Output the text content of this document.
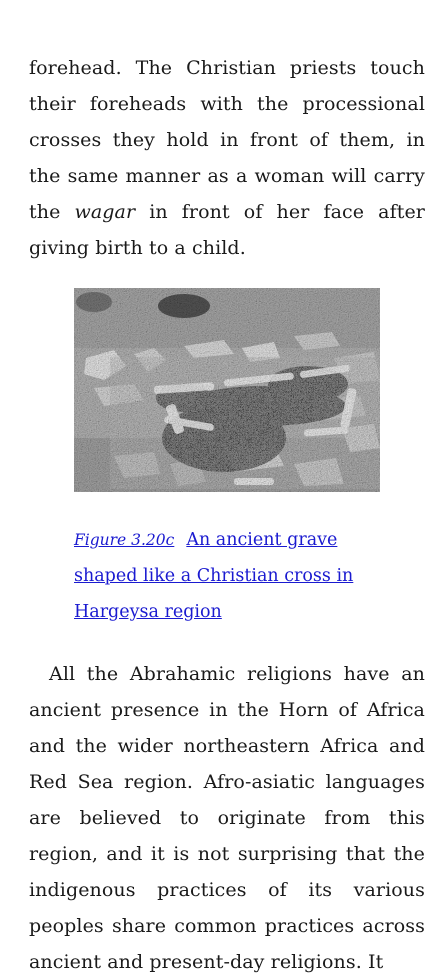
forehead. The Christian priests touch their foreheads with the processional crosses they hold in front of them, in the same manner as a woman will carry the wagar in front of her face after giving birth to a child.

Figure 3.20c An ancient grave shaped like a Christian cross in Hargeysa region

All the Abrahamic religions have an ancient presence in the Horn of Africa and the wider northeastern Africa and Red Sea region. Afro-asiatic languages are believed to originate from this region, and it is not surprising that the indigenous practices of its various peoples share common practices across ancient and present-day religions. It
